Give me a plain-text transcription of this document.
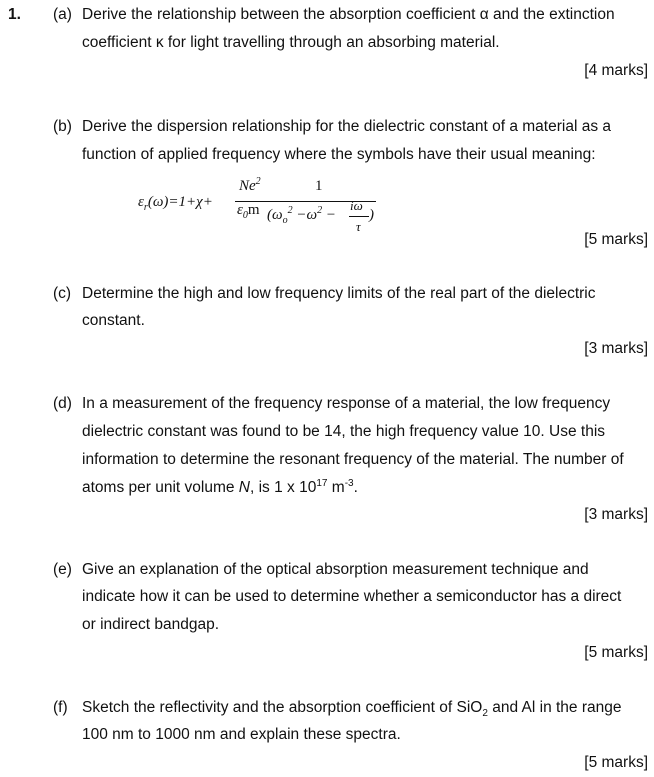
1. (a) Derive the relationship between the absorption coefficient α and the extinction
coefficient κ for light travelling through an absorbing material.
[4 marks]
(b) Derive the dispersion relationship for the dielectric constant of a material as a
function of applied frequency where the symbols have their usual meaning:
$\varepsilon_r(\omega)=1+\chi+$
$Ne^2$
$\varepsilon_0m$
1
($\omega_o^2 -\omega^2$ −
iω
τ
)
[5 marks]
(c) Determine the high and low frequency limits of the real part of the dielectric
constant.
[3 marks]
(d) In a measurement of the frequency response of a material, the low frequency
dielectric constant was found to be 14, the high frequency value 10. Use this
information to determine the resonant frequency of the material. The number of
atoms per unit volume N, is 1 x $10^{17}$ $m^{-3}$.
[3 marks]
(e) Give an explanation of the optical absorption measurement technique and
indicate how it can be used to determine whether a semiconductor has a direct
or indirect bandgap.
[5 marks]
(f) Sketch the reflectivity and the absorption coefficient of SiO$_2$ and Al in the range
100 nm to 1000 nm and explain these spectra.
[5 marks]
